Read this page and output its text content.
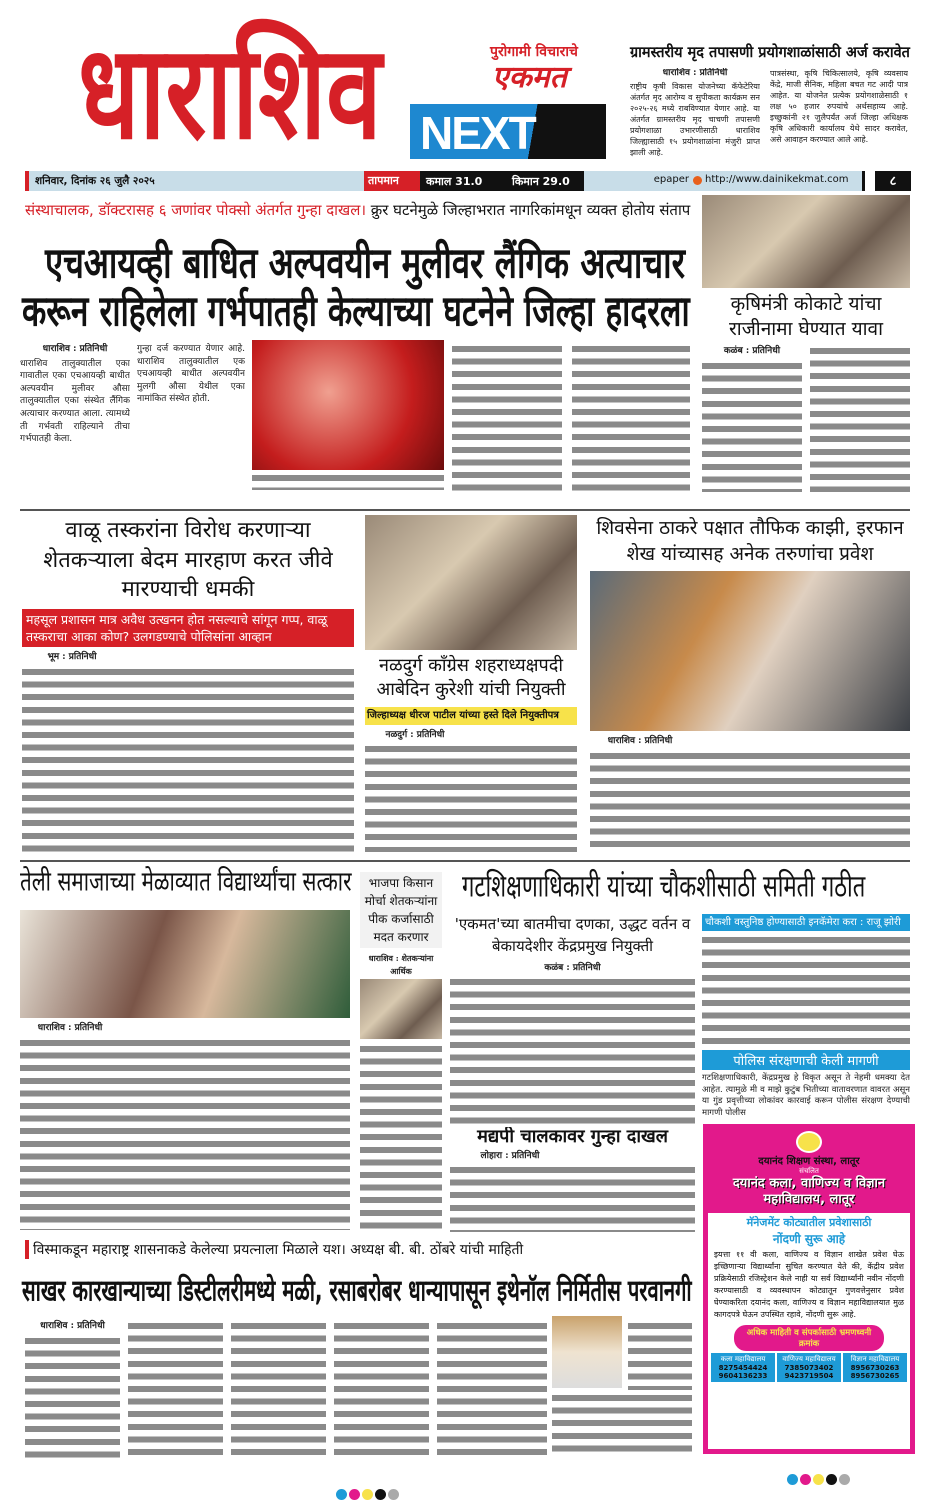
धाराशिव	पुरोगामी विचाराचे
एकमत
NEXT
ग्रामस्तरीय मृद तपासणी प्रयोगशाळांसाठी अर्ज करावेत
धाराशिव : प्रतिनिधी
राष्ट्रीय कृषी विकास योजनेच्या कॅफेटेरिया अंतर्गत मृद आरोग्य व सुपीकता कार्यक्रम सन २०२५-२६ मध्ये राबविण्यात येणार आहे. या अंतर्गत ग्रामस्तरीय मृद चाचणी तपासणी प्रयोगशाळा उभारणीसाठी धाराशिव जिल्ह्यासाठी १५ प्रयोगशाळांना मंजुरी प्राप्त झाली आहे.
पात्रसंस्था, कृषि चिकित्सालये, कृषि व्यवसाय केंद्रे, माजी सैनिक, महिला बचत गट आदी पात्र आहेत. या योजनेत प्रत्येक प्रयोगशाळेसाठी १ लक्ष ५० हजार रुपयांचे अर्थसहाय्य आहे. इच्छुकांनी २१ जुलैपर्यंत अर्ज जिल्हा अधिक्षक कृषि अधिकारी कार्यालय येथे सादर करावेत, असे आवाहन करण्यात आले आहे.
शनिवार, दिनांक २६ जुलै २०२५	तापमान	कमाल 31.0	किमान 29.0	epaper http://www.dainikekmat.com	८
संस्थाचालक, डॉक्टरासह ६ जणांवर पोक्सो अंतर्गत गुन्हा दाखल। क्रुर घटनेमुळे जिल्हाभरात नागरिकांमधून व्यक्त होतोय संताप
एचआयव्ही बाधित अल्पवयीन मुलीवर लैंगिक अत्याचार
करून राहिलेला गर्भपातही केल्याच्या घटनेने जिल्हा हादरला
धाराशिव : प्रतिनिधी
धाराशिव तालुक्यातील एका गावातील एका एचआयव्ही बाधीत अल्पवयीन मुलीवर औसा तालुक्यातील एका संस्थेत लैंगिक अत्याचार करण्यात आला. त्यामध्ये ती गर्भवती राहिल्याने तीचा गर्भपातही केला.
गुन्हा दर्ज करण्यात येणार आहे. धाराशिव तालुक्यातील एक एचआयव्ही बाधीत अल्पवयीन मुलगी औसा येथील एका नामांकित संस्थेत होती.
कृषिमंत्री कोकाटे यांचा राजीनामा घेण्यात यावा
कळंब : प्रतिनिधी
वाळू तस्करांना विरोध करणाऱ्या शेतकऱ्याला बेदम मारहाण करत जीवे मारण्याची धमकी
महसूल प्रशासन मात्र अवैध उत्खनन होत नसल्याचे सांगून गप्प, वाळू तस्कराचा आका कोण? उलगडण्याचे पोलिसांना आव्हान
भूम : प्रतिनिधी	नळदुर्ग काँग्रेस शहराध्यक्षपदी आबेदिन कुरेशी यांची नियुक्ती
जिल्हाध्यक्ष धीरज पाटील यांच्या हस्ते दिले नियुक्तीपत्र
नळदुर्ग : प्रतिनिधी
शिवसेना ठाकरे पक्षात तौफिक काझी, इरफान शेख यांच्यासह अनेक तरुणांचा प्रवेश
धाराशिव : प्रतिनिधी
तेली समाजाच्या मेळाव्यात विद्यार्थ्यांचा सत्कार
धाराशिव : प्रतिनिधी
भाजपा किसान मोर्चा शेतकऱ्यांना पीक कर्जासाठी मदत करणार
धाराशिव : शेतकऱ्यांना आर्थिक
गटशिक्षणाधिकारी यांच्या चौकशीसाठी समिती गठीत
'एकमत'च्या बातमीचा दणका, उद्धट वर्तन व बेकायदेशीर केंद्रप्रमुख नियुक्ती
कळंब : प्रतिनिधी
चौकशी वस्तुनिष्ठ होण्यासाठी इनकॅमेरा करा : राजू झोरी
पोलिस संरक्षणाची केली मागणी
गटशिक्षणाधिकारी, केंद्रप्रमुख हे विकृत असून ते नेहमी धमक्या देत आहेत. त्यामुळे मी व माझे कुटुंब भितीच्या वातावरणात वावरत असून या गुंड प्रवृत्तीच्या लोकांवर कारवाई करून पोलीस संरक्षण देण्याची मागणी पोलीस
मद्यपी चालकावर गुन्हा दाखल
लोहारा : प्रतिनिधी
दयानंद शिक्षण संस्था, लातूर
संचलित
दयानंद कला, वाणिज्य व विज्ञान महाविद्यालय, लातूर
मॅनेजमेंट कोट्यातील प्रवेशासाठी
नोंदणी सुरू आहे
इयत्ता ११ वी कला, वाणिज्य व विज्ञान शाखेत प्रवेश घेऊ इच्छिणाऱ्या विद्यार्थ्यांना सुचित करण्यात येते की, केंद्रीय प्रवेश प्रक्रियेसाठी रजिस्ट्रेशन केले नाही या सर्व विद्यार्थ्यांनी नवीन नोंदणी करण्यासाठी व व्यवस्थापन कोट्यातून गुणवत्तेनुसार प्रवेश घेण्याकरिता दयानंद कला, वाणिज्य व विज्ञान महाविद्यालयात मुळ कागदपत्रे घेऊन उपस्थित रहावे, नोंदणी सुरू आहे.
अधिक माहिती व संपर्कासाठी भ्रमणध्वनी क्रमांक
कला महाविद्यालय
8275454424
9604136233
वाणिज्य महाविद्यालय
7385073402
9423719504
विज्ञान महाविद्यालय
8956730263
8956730265
विस्माकडून महाराष्ट्र शासनाकडे केलेल्या प्रयत्नाला मिळाले यश। अध्यक्ष बी. बी. ठोंबरे यांची माहिती
साखर कारखान्याच्या डिस्टीलरीमध्ये मळी, रसाबरोबर धान्यापासून इथेनॉल निर्मितीस परवानगी
धाराशिव : प्रतिनिधी
